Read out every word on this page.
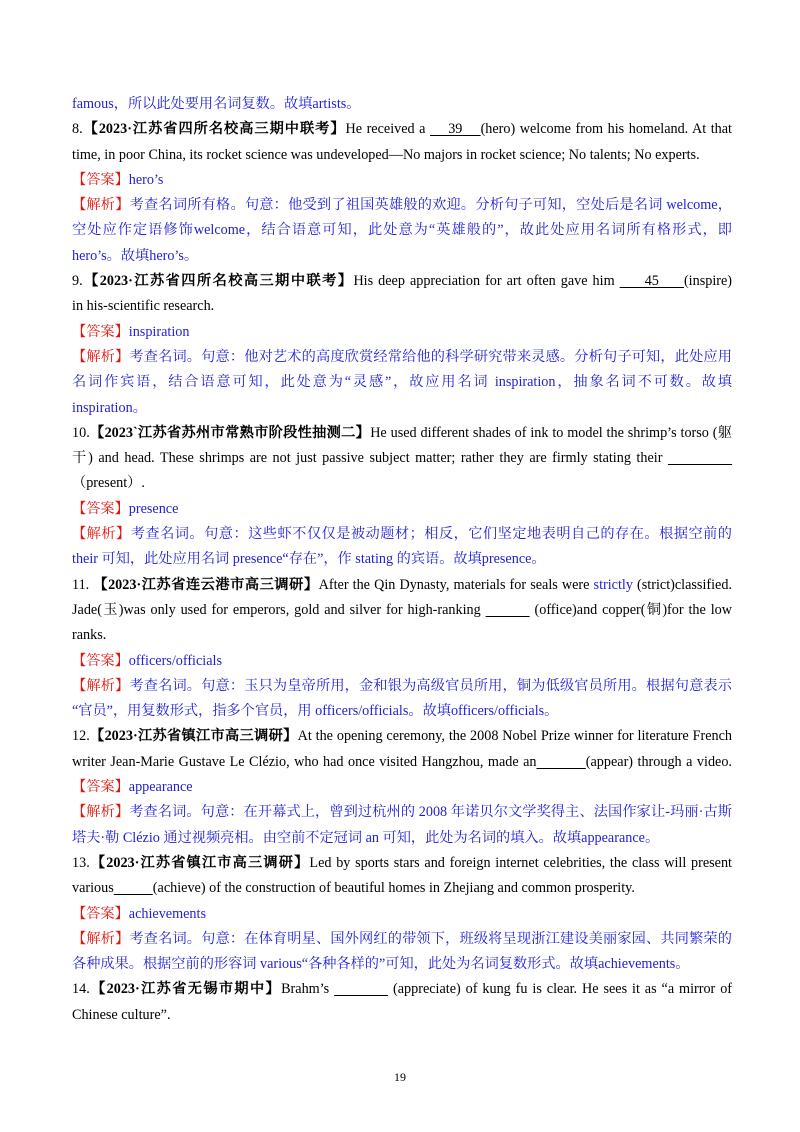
famous，所以此处要用名词复数。故填artists。
8.【2023·江苏省四所名校高三期中联考】He received a     39    (hero) welcome from his homeland. At that
time, in poor China, its rocket science was undeveloped—No majors in rocket science; No talents; No experts.
【答案】hero’s
【解析】考查名词所有格。句意：他受到了祖国英雄般的欢迎。分析句子可知，空处后是名词 welcome，
空处应作定语修饰welcome，结合语意可知，此处意为“英雄般的”，故此处应用名词所有格形式，即
hero’s。故填hero’s。
9.【2023·江苏省四所名校高三期中联考】His deep appreciation for art often gave him      45     (inspire)
in his-scientific research.
【答案】inspiration
【解析】考查名词。句意：他对艺术的高度欣赏经常给他的科学研究带来灵感。分析句子可知，此处应用
名词作宾语，结合语意可知，此处意为“灵感”，故应用名词 inspiration，抽象名词不可数。故填
inspiration。
10.【2023`江苏省苏州市常熟市阶段性抽测二】He used different shades of ink to model the shrimp’s torso (躯
干) and head. These shrimps are not just passive subject matter; rather they are firmly stating their
（present）.
【答案】presence
【解析】考查名词。句意：这些虾不仅仅是被动题材；相反，它们坚定地表明自己的存在。根据空前的
their 可知，此处应用名词 presence“存在”，作 stating 的宾语。故填presence。
11. 【2023·江苏省连云港市高三调研】After the Qin Dynasty, materials for seals were strictly (strict)classified.
Jade(玉)was only used for emperors, gold and silver for high-ranking	(office)and copper(铜)for the low
ranks.
【答案】officers/officials
【解析】考查名词。句意：玉只为皇帝所用，金和银为高级官员所用，铜为低级官员所用。根据句意表示
“官员”，用复数形式，指多个官员，用 officers/officials。故填officers/officials。
12.【2023·江苏省镇江市高三调研】At the opening ceremony, the 2008 Nobel Prize winner for literature French
writer Jean-Marie Gustave Le Clézio, who had once visited Hangzhou, made an	(appear) through a video.
【答案】appearance
【解析】考查名词。句意：在开幕式上，曾到过杭州的 2008 年诺贝尔文学奖得主、法国作家让-玛丽·古斯
塔夫·勒 Clézio 通过视频亮相。由空前不定冠词 an 可知，此处为名词的填入。故填appearance。
13.【2023·江苏省镇江市高三调研】Led by sports stars and foreign internet celebrities, the class will present
various	(achieve) of the construction of beautiful homes in Zhejiang and common prosperity.
【答案】achievements
【解析】考查名词。句意：在体育明星、国外网红的带领下，班级将呈现浙江建设美丽家园、共同繁荣的
各种成果。根据空前的形容词 various“各种各样的”可知，此处为名词复数形式。故填achievements。
14.【2023·江苏省无锡市期中】Brahm’s	(appreciate) of kung fu is clear. He sees it as “a mirror of
Chinese culture”.
19
